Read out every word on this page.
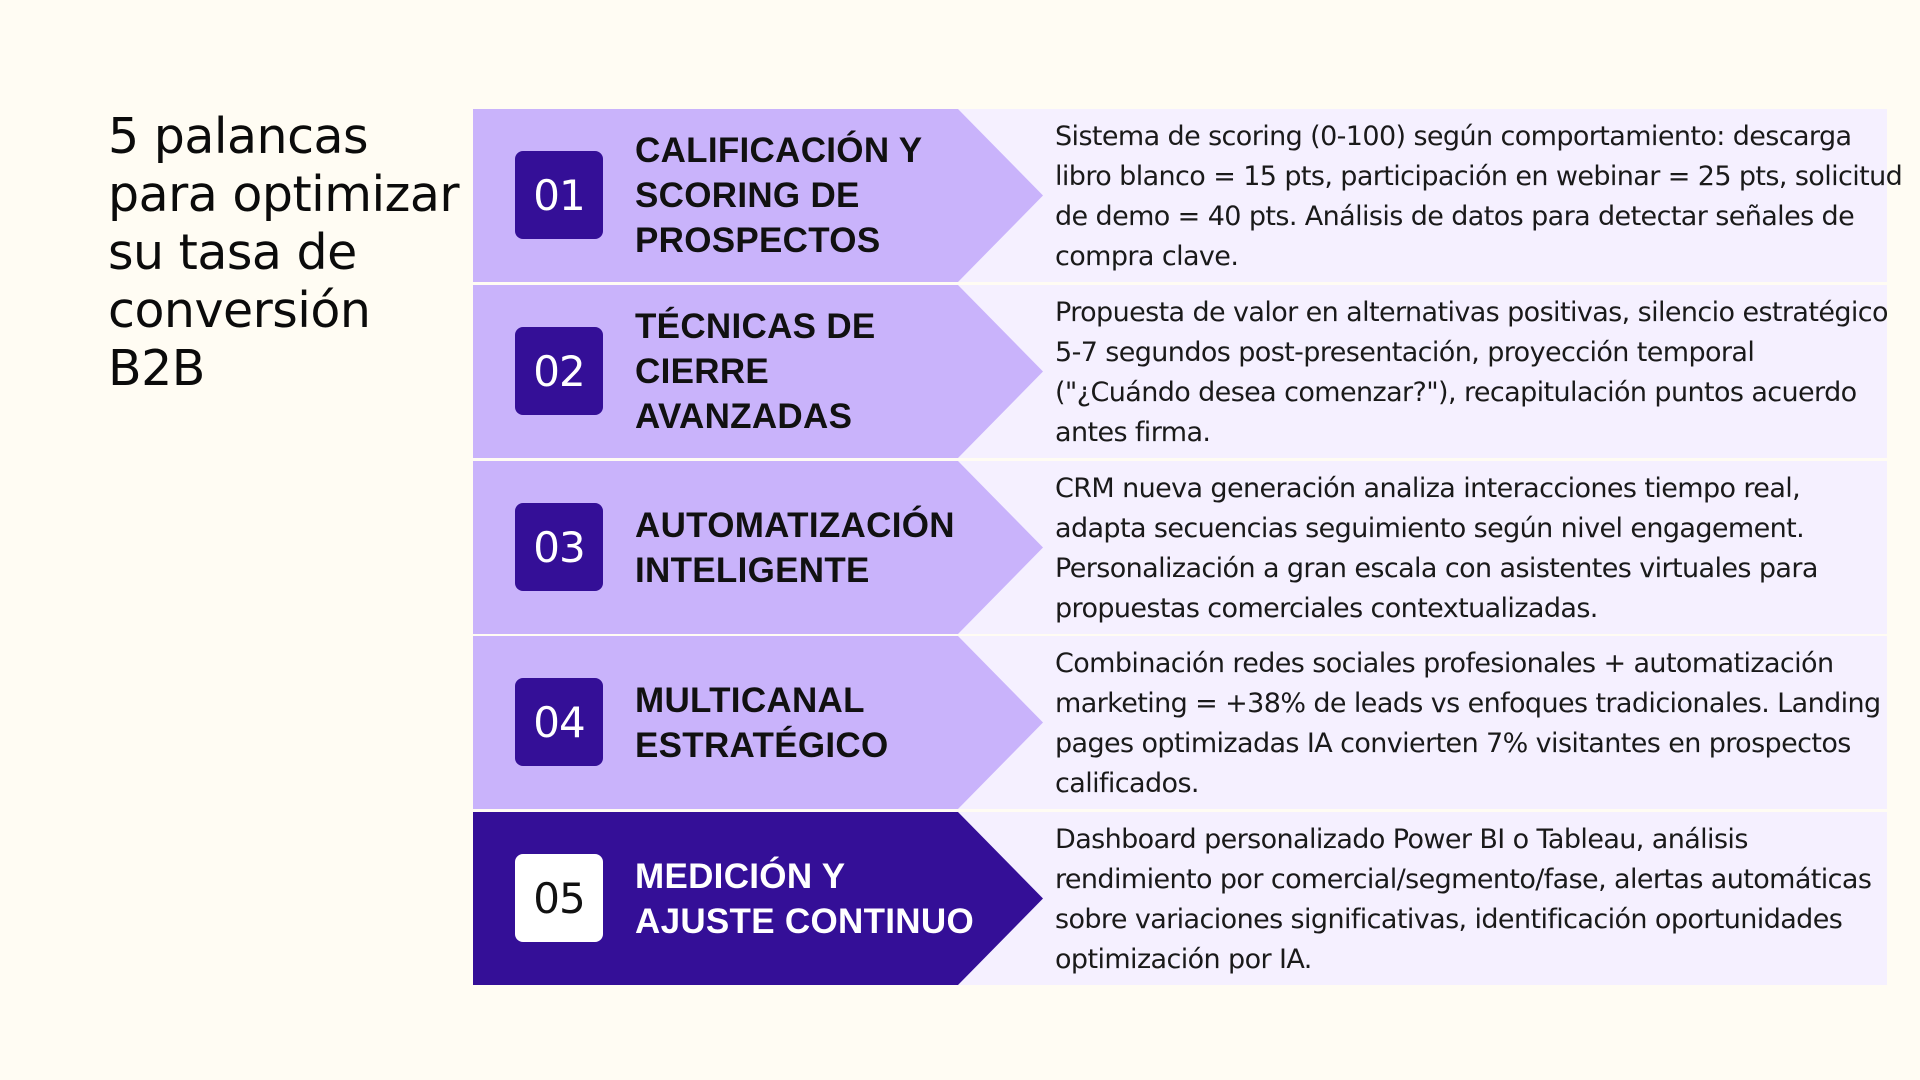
5 palancas
para optimizar
su tasa de
conversión
B2B
01
CALIFICACIÓN Y
SCORING DE
PROSPECTOS
Sistema de scoring (0-100) según comportamiento: descarga
libro blanco = 15 pts, participación en webinar = 25 pts, solicitud
de demo = 40 pts. Análisis de datos para detectar señales de
compra clave.
02
TÉCNICAS DE
CIERRE
AVANZADAS
Propuesta de valor en alternativas positivas, silencio estratégico
5-7 segundos post-presentación, proyección temporal
("¿Cuándo desea comenzar?"), recapitulación puntos acuerdo
antes firma.
03	AUTOMATIZACIÓN
INTELIGENTE
CRM nueva generación analiza interacciones tiempo real,
adapta secuencias seguimiento según nivel engagement.
Personalización a gran escala con asistentes virtuales para
propuestas comerciales contextualizadas.
04	MULTICANAL
ESTRATÉGICO
Combinación redes sociales profesionales + automatización
marketing = +38% de leads vs enfoques tradicionales. Landing
pages optimizadas IA convierten 7% visitantes en prospectos
calificados.
05	MEDICIÓN Y
AJUSTE CONTINUO
Dashboard personalizado Power BI o Tableau, análisis
rendimiento por comercial/segmento/fase, alertas automáticas
sobre variaciones significativas, identificación oportunidades
optimización por IA.
